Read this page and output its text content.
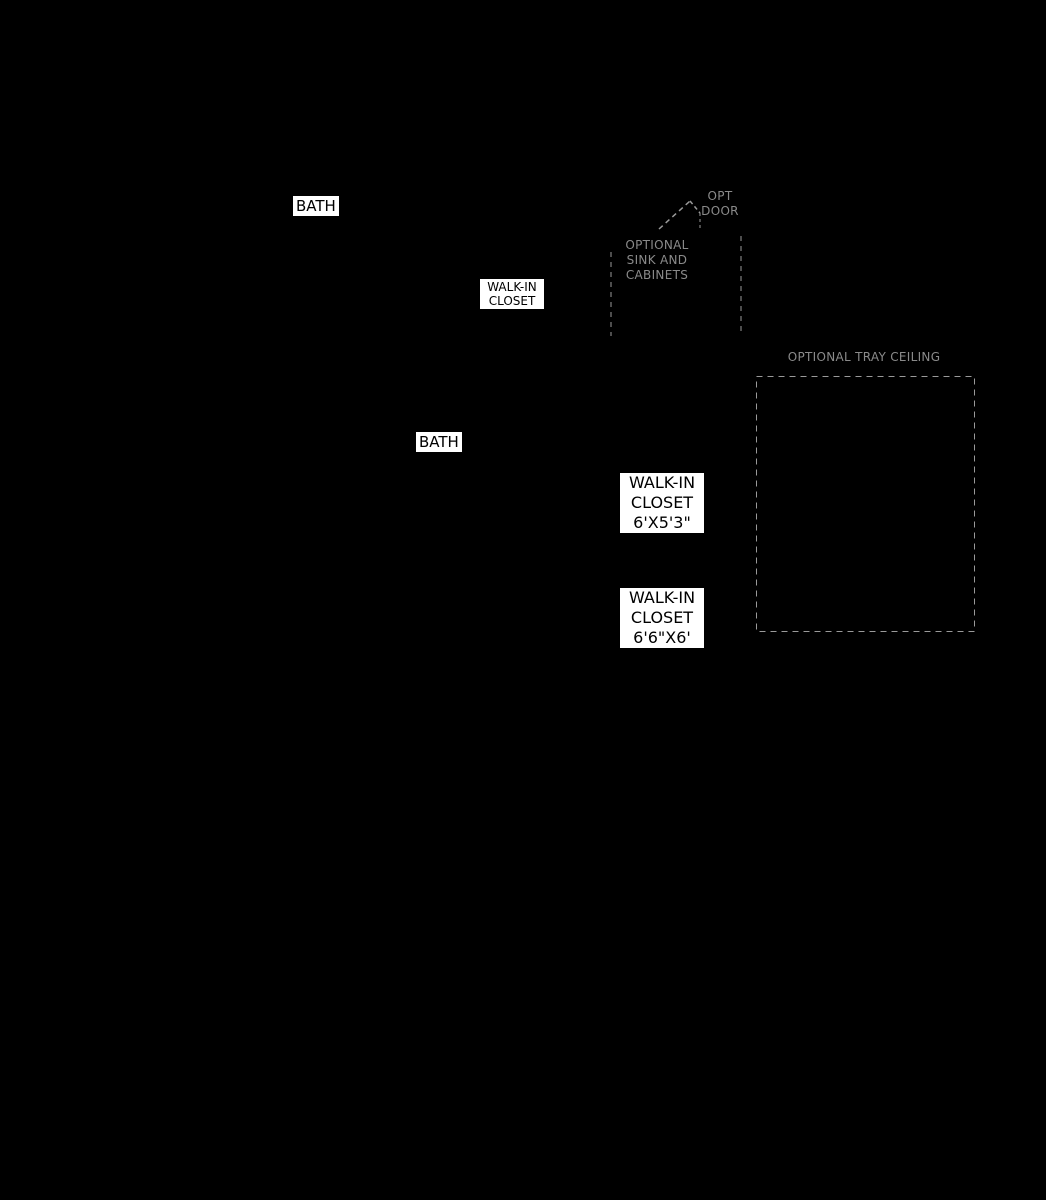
BATH
WALK-IN
CLOSET
BATH
WALK-IN
CLOSET
6'X5'3"
WALK-IN
CLOSET
6'6"X6'
OPT
DOOR
OPTIONAL
SINK AND
CABINETS
OPTIONAL TRAY CEILING
